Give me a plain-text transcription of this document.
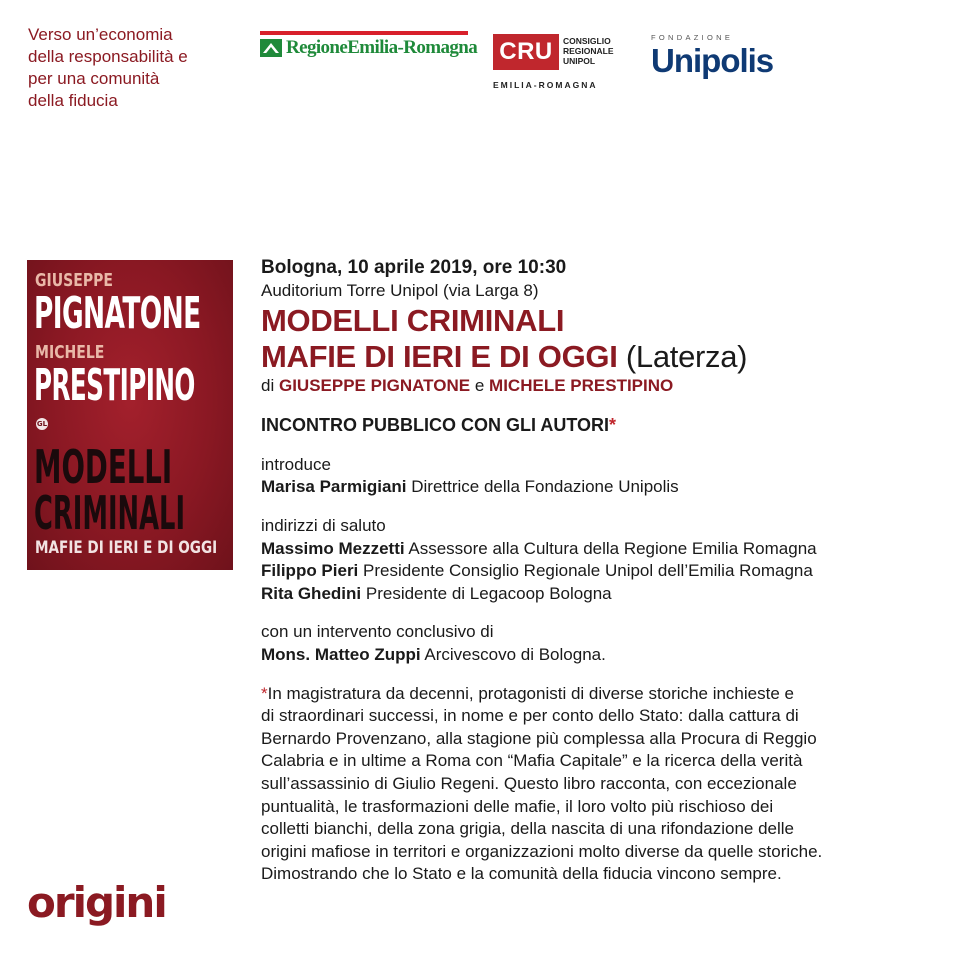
Verso un’economia
della responsabilità e
per una comunità
della fiducia
RegioneEmilia-Romagna CRU	CONSIGLIO
REGIONALE
UNIPOL
EMILIA-ROMAGNA
FONDAZIONE
Unipolis
GIUSEPPE
PIGNATONE
MICHELE
PRESTIPINO
GL
MODELLI
CRIMINALI
MAFIE DI IERI E DI OGGI
origini
Bologna, 10 aprile 2019, ore 10:30
Auditorium Torre Unipol (via Larga 8)
MODELLI CRIMINALI
MAFIE DI IERI E DI OGGI (Laterza)
di GIUSEPPE PIGNATONE e MICHELE PRESTIPINO
INCONTRO PUBBLICO CON GLI AUTORI*
introduce
Marisa Parmigiani Direttrice della Fondazione Unipolis
indirizzi di saluto
Massimo Mezzetti Assessore alla Cultura della Regione Emilia Romagna
Filippo Pieri Presidente Consiglio Regionale Unipol dell’Emilia Romagna
Rita Ghedini Presidente di Legacoop Bologna
con un intervento conclusivo di
Mons. Matteo Zuppi Arcivescovo di Bologna.
*In magistratura da decenni, protagonisti di diverse storiche inchieste e
di straordinari successi, in nome e per conto dello Stato: dalla cattura di
Bernardo Provenzano, alla stagione più complessa alla Procura di Reggio
Calabria e in ultime a Roma con “Mafia Capitale” e la ricerca della verità
sull’assassinio di Giulio Regeni. Questo libro racconta, con eccezionale
puntualità, le trasformazioni delle mafie, il loro volto più rischioso dei
colletti bianchi, della zona grigia, della nascita di una rifondazione delle
origini mafiose in territori e organizzazioni molto diverse da quelle storiche.
Dimostrando che lo Stato e la comunità della fiducia vincono sempre.
